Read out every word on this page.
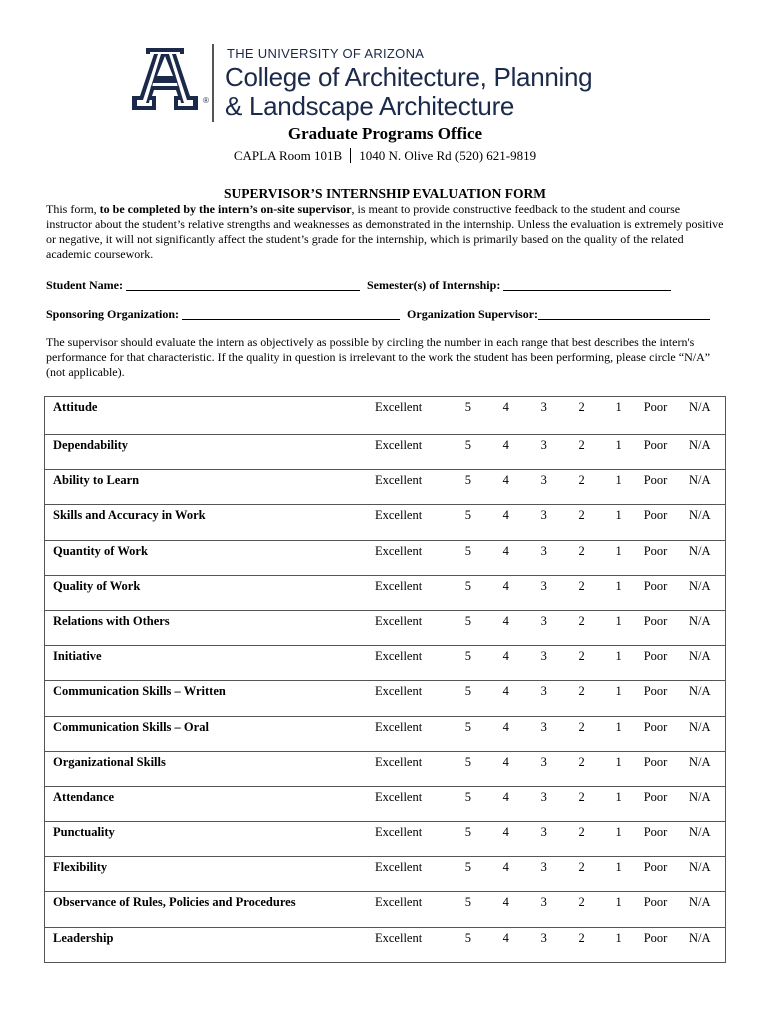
®
THE UNIVERSITY OF ARIZONA
College of Architecture, Planning
& Landscape Architecture
Graduate Programs Office
CAPLA Room 101B 1040 N. Olive Rd (520) 621-9819
SUPERVISOR’S INTERNSHIP EVALUATION FORM
This form, to be completed by the intern’s on-site supervisor, is meant to provide constructive feedback to the student and course instructor about the student’s relative strengths and weaknesses as demonstrated in the internship. Unless the evaluation is extremely positive or negative, it will not significantly affect the student’s grade for the internship, which is primarily based on the quality of the related academic coursework.
Student Name:	Semester(s) of Internship:
Sponsoring Organization:	Organization Supervisor:
The supervisor should evaluate the intern as objectively as possible by circling the number in each range that best describes the intern's performance for that characteristic. If the quality in question is irrelevant to the work the student has been performing, please circle “N/A” (not applicable).
Attitude	Excellent	5	4	3	2	1	Poor	N/A
Dependability	Excellent	5	4	3	2	1	Poor	N/A
Ability to Learn	Excellent	5	4	3	2	1	Poor	N/A
Skills and Accuracy in Work	Excellent	5	4	3	2	1	Poor	N/A
Quantity of Work	Excellent	5	4	3	2	1	Poor	N/A
Quality of Work	Excellent	5	4	3	2	1	Poor	N/A
Relations with Others	Excellent	5	4	3	2	1	Poor	N/A
Initiative	Excellent	5	4	3	2	1	Poor	N/A
Communication Skills – Written	Excellent	5	4	3	2	1	Poor	N/A
Communication Skills – Oral	Excellent	5	4	3	2	1	Poor	N/A
Organizational Skills	Excellent	5	4	3	2	1	Poor	N/A
Attendance	Excellent	5	4	3	2	1	Poor	N/A
Punctuality	Excellent	5	4	3	2	1	Poor	N/A
Flexibility	Excellent	5	4	3	2	1	Poor	N/A
Observance of Rules, Policies and Procedures	Excellent	5	4	3	2	1	Poor	N/A
Leadership	Excellent	5	4	3	2	1	Poor	N/A
